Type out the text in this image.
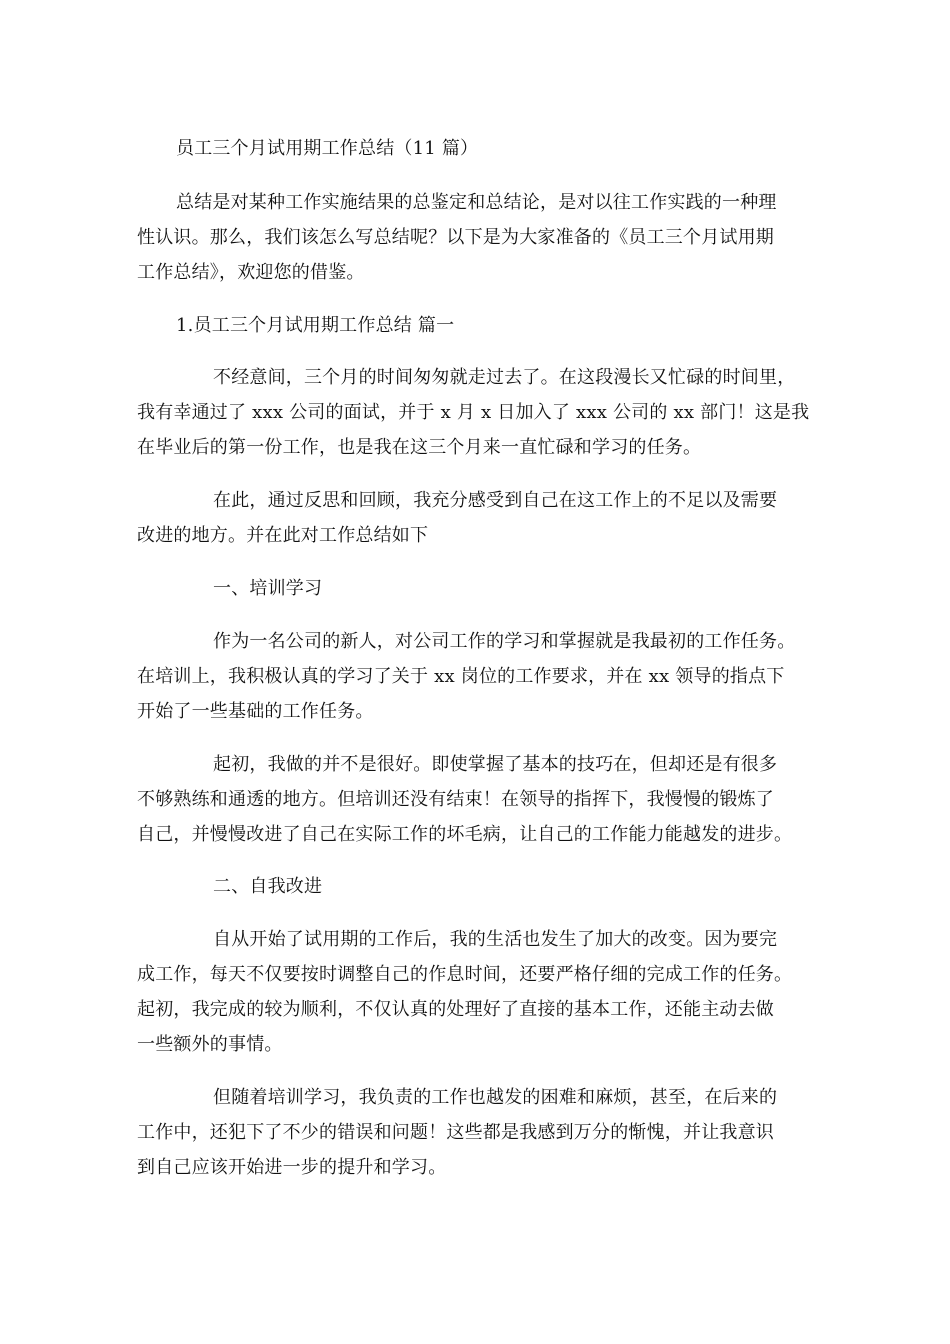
员工三个月试用期工作总结（11 篇）
总结是对某种工作实施结果的总鉴定和总结论，是对以往工作实践的一种理
性认识。那么，我们该怎么写总结呢？以下是为大家准备的《员工三个月试用期
工作总结》，欢迎您的借鉴。
1.员工三个月试用期工作总结 篇一
不经意间，三个月的时间匆匆就走过去了。在这段漫长又忙碌的时间里，
我有幸通过了 xxx 公司的面试，并于 x 月 x 日加入了 xxx 公司的 xx 部门！这是我
在毕业后的第一份工作，也是我在这三个月来一直忙碌和学习的任务。
在此，通过反思和回顾，我充分感受到自己在这工作上的不足以及需要
改进的地方。并在此对工作总结如下
一、培训学习
作为一名公司的新人，对公司工作的学习和掌握就是我最初的工作任务。
在培训上，我积极认真的学习了关于 xx 岗位的工作要求，并在 xx 领导的指点下
开始了一些基础的工作任务。
起初，我做的并不是很好。即使掌握了基本的技巧在，但却还是有很多
不够熟练和通透的地方。但培训还没有结束！在领导的指挥下，我慢慢的锻炼了
自己，并慢慢改进了自己在实际工作的坏毛病，让自己的工作能力能越发的进步。
二、自我改进
自从开始了试用期的工作后，我的生活也发生了加大的改变。因为要完
成工作，每天不仅要按时调整自己的作息时间，还要严格仔细的完成工作的任务。
起初，我完成的较为顺利，不仅认真的处理好了直接的基本工作，还能主动去做
一些额外的事情。
但随着培训学习，我负责的工作也越发的困难和麻烦，甚至，在后来的
工作中，还犯下了不少的错误和问题！这些都是我感到万分的惭愧，并让我意识
到自己应该开始进一步的提升和学习。
